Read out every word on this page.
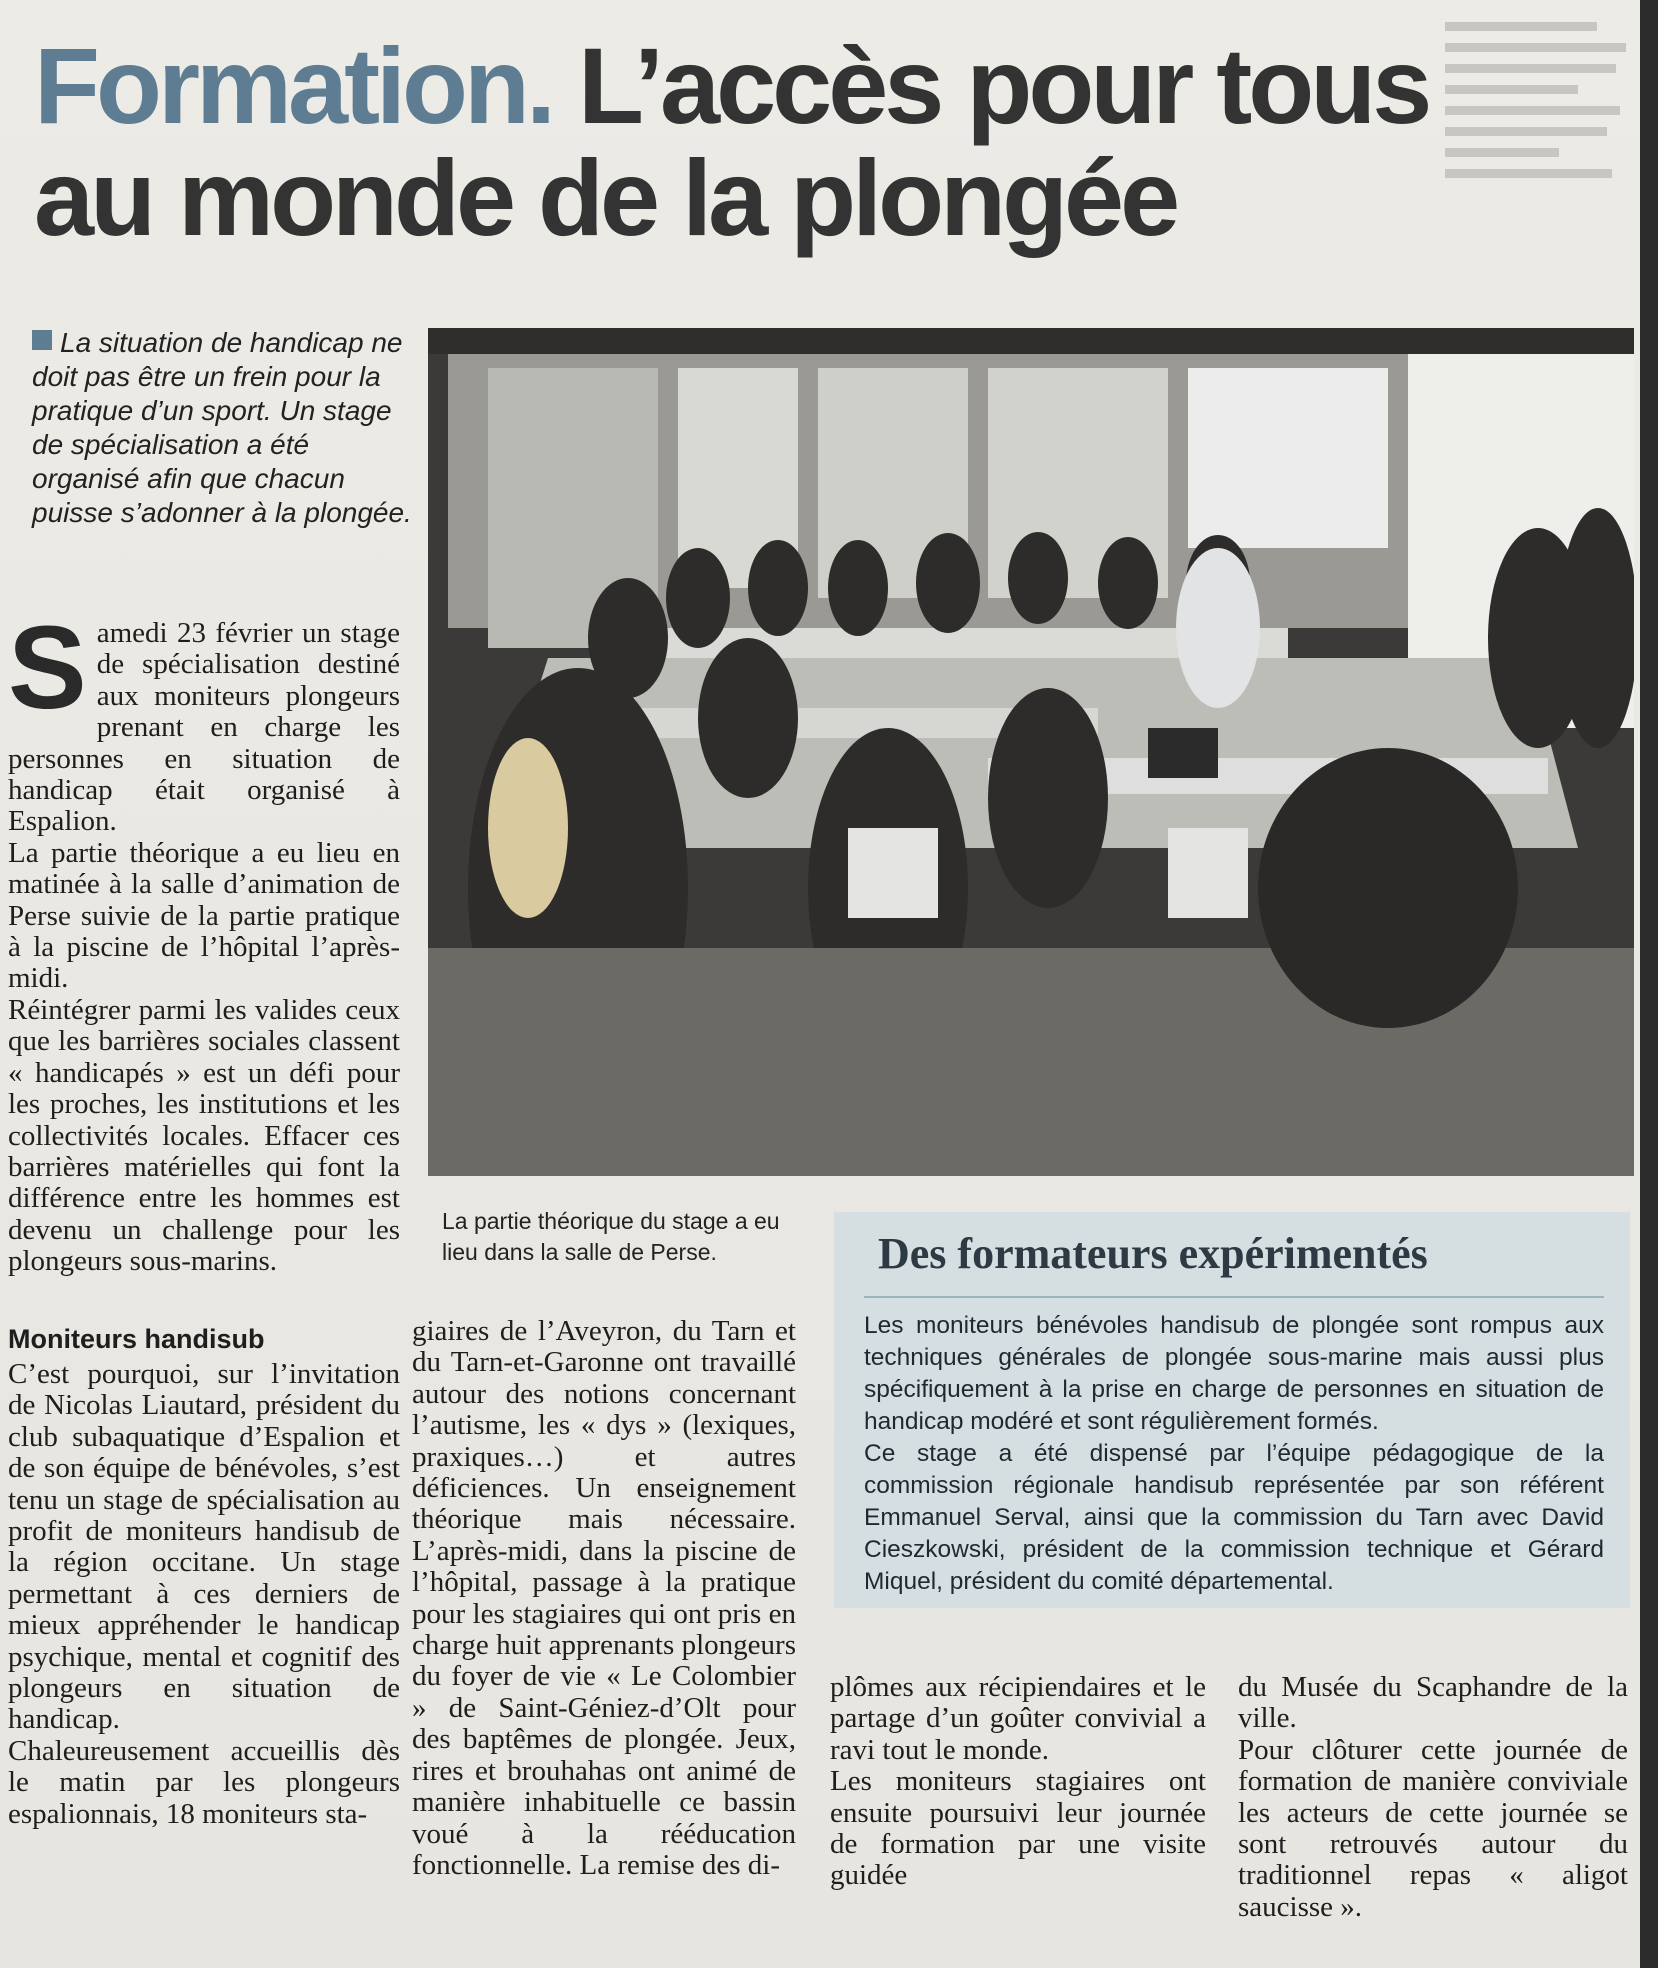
Formation. L’accès pour tous
au monde de la plongée

La situation de handicap ne doit pas être un frein pour la pratique d’un sport. Un stage de spécialisation a été organisé afin que chacun puisse s’adonner à la plongée.

La partie théorique du stage a eu lieu dans la salle de Perse.

Samedi 23 février un stage de spécialisation destiné aux moniteurs plongeurs prenant en charge les personnes en situation de handicap était organisé à Espalion.

La partie théorique a eu lieu en matinée à la salle d’animation de Perse suivie de la partie pratique à la piscine de l’hôpital l’après-midi.

Réintégrer parmi les valides ceux que les barrières sociales classent « handicapés » est un défi pour les proches, les institutions et les collectivités locales. Effacer ces barrières matérielles qui font la différence entre les hommes est devenu un challenge pour les plongeurs sous-marins.

Moniteurs handisub

C’est pourquoi, sur l’invitation de Nicolas Liautard, président du club subaquatique d’Espalion et de son équipe de bénévoles, s’est tenu un stage de spécialisation au profit de moniteurs handisub de la région occitane. Un stage permettant à ces derniers de mieux appréhender le handicap psychique, mental et cognitif des plongeurs en situation de handicap.

Chaleureusement accueillis dès le matin par les plongeurs espalionnais, 18 moniteurs sta-

giaires de l’Aveyron, du Tarn et du Tarn-et-Garonne ont travaillé autour des notions concernant l’autisme, les « dys » (lexiques, praxiques…) et autres déficiences. Un enseignement théorique mais nécessaire. L’après-midi, dans la piscine de l’hôpital, passage à la pratique pour les stagiaires qui ont pris en charge huit apprenants plongeurs du foyer de vie « Le Colombier » de Saint-Géniez-d’Olt pour des baptêmes de plongée. Jeux, rires et brouhahas ont animé de manière inhabituelle ce bassin voué à la rééducation fonctionnelle. La remise des di-

Des formateurs expérimentés

Les moniteurs bénévoles handisub de plongée sont rompus aux techniques générales de plongée sous-marine mais aussi plus spécifiquement à la prise en charge de personnes en situation de handicap modéré et sont régulièrement formés.

Ce stage a été dispensé par l’équipe pédagogique de la commission régionale handisub représentée par son référent Emmanuel Serval, ainsi que la commission du Tarn avec David Cieszkowski, président de la commission technique et Gérard Miquel, président du comité départemental.

plômes aux récipiendaires et le partage d’un goûter convivial a ravi tout le monde.

Les moniteurs stagiaires ont ensuite poursuivi leur journée de formation par une visite guidée

du Musée du Scaphandre de la ville.

Pour clôturer cette journée de formation de manière conviviale les acteurs de cette journée se sont retrouvés autour du traditionnel repas « aligot saucisse ».
